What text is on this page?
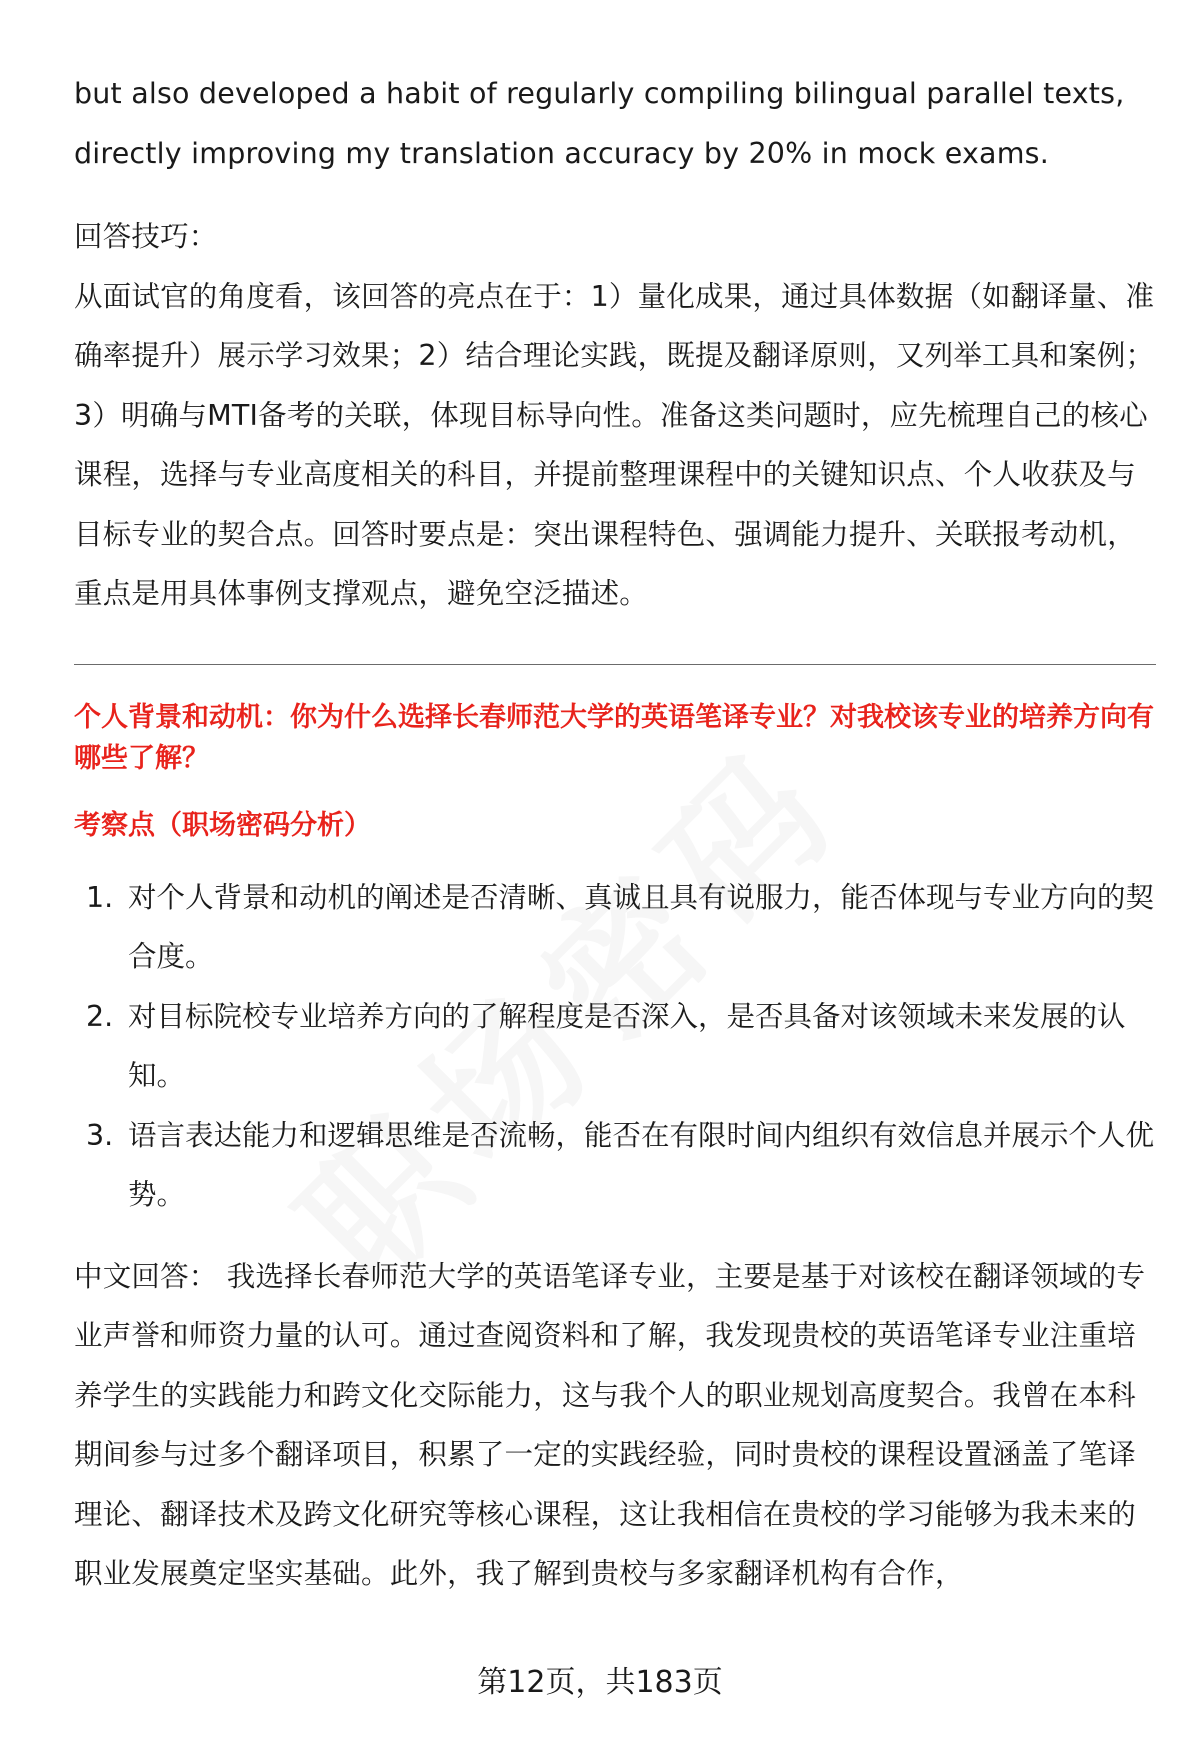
but also developed a habit of regularly compiling bilingual parallel texts,

directly improving my translation accuracy by 20% in mock exams.

回答技巧：

从面试官的角度看，该回答的亮点在于：1）量化成果，通过具体数据（如翻译量、准确率提升）展示学习效果；2）结合理论实践，既提及翻译原则，又列举工具和案例；3）明确与MTI备考的关联，体现目标导向性。准备这类问题时，应先梳理自己的核心课程，选择与专业高度相关的科目，并提前整理课程中的关键知识点、个人收获及与目标专业的契合点。回答时要点是：突出课程特色、强调能力提升、关联报考动机，重点是用具体事例支撑观点，避免空泛描述。

个人背景和动机：你为什么选择长春师范大学的英语笔译专业？对我校该专业的培养方向有哪些了解？

考察点（职场密码分析）

1. 对个人背景和动机的阐述是否清晰、真诚且具有说服力，能否体现与专业方向的契合度。
2. 对目标院校专业培养方向的了解程度是否深入，是否具备对该领域未来发展的认知。
3. 语言表达能力和逻辑思维是否流畅，能否在有限时间内组织有效信息并展示个人优势。

中文回答： 我选择长春师范大学的英语笔译专业，主要是基于对该校在翻译领域的专业声誉和师资力量的认可。通过查阅资料和了解，我发现贵校的英语笔译专业注重培养学生的实践能力和跨文化交际能力，这与我个人的职业规划高度契合。我曾在本科期间参与过多个翻译项目，积累了一定的实践经验，同时贵校的课程设置涵盖了笔译理论、翻译技术及跨文化研究等核心课程，这让我相信在贵校的学习能够为我未来的职业发展奠定坚实基础。此外，我了解到贵校与多家翻译机构有合作，

第12页，共183页
